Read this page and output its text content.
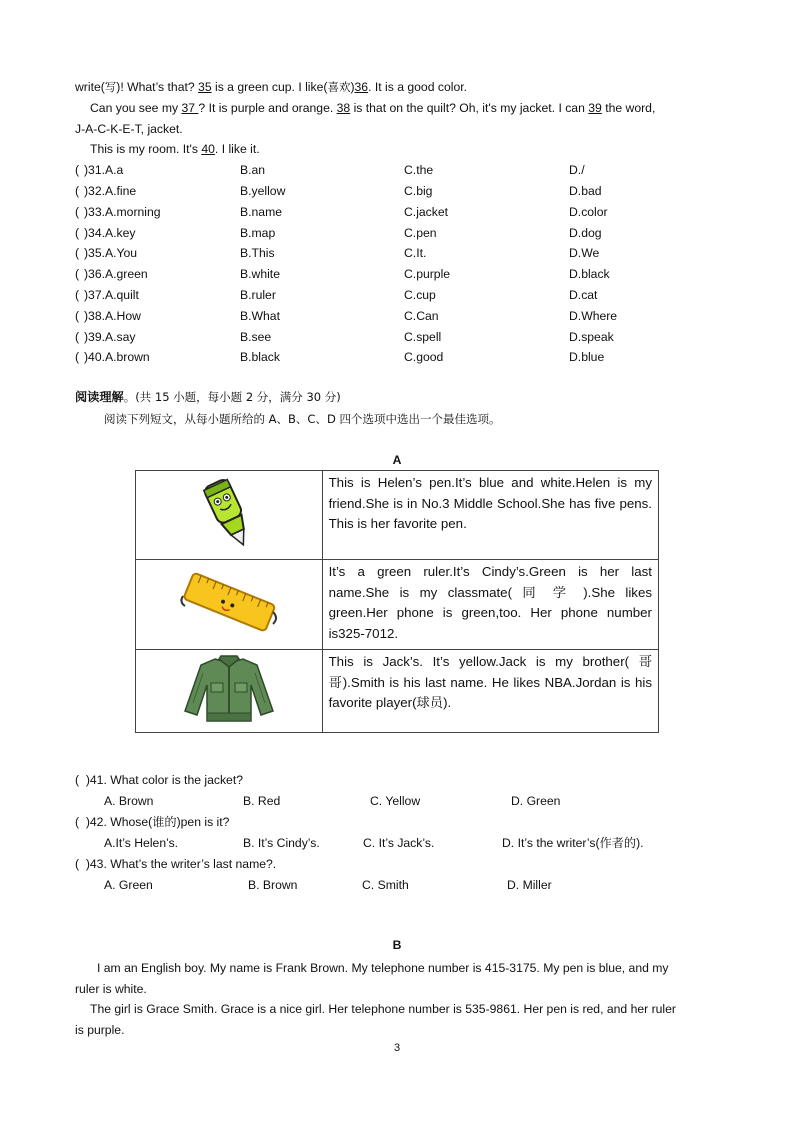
write(写)! What’s that? 35 is a green cup. I like(喜欢)36. It is a good color.
Can you see my 37 ? It is purple and orange. 38 is that on the quilt? Oh, it's my jacket. I can 39 the word,
J-A-C-K-E-T, jacket.
This is my room. It's 40. I like it.
( )31.A.a	B.an	C.the	D./
( )32.A.fine	B.yellow	C.big	D.bad
( )33.A.morning	B.name	C.jacket	D.color
( )34.A.key	B.map	C.pen	D.dog
( )35.A.You	B.This	C.It.	D.We
( )36.A.green	B.white	C.purple	D.black
( )37.A.quilt	B.ruler	C.cup	D.cat
( )38.A.How	B.What	C.Can	D.Where
( )39.A.say	B.see	C.spell	D.speak
( )40.A.brown	B.black	C.good	D.blue
阅读理解。(共 15 小题，每小题 2 分，满分 30 分)
阅读下列短文，从每小题所给的 A、B、C、D 四个选项中选出一个最佳选项。
A
	This is Helen’s pen.It’s blue and white.Helen is my friend.She is in No.3 Middle School.She has five pens. This is her favorite pen.
	It’s a green ruler.It’s Cindy’s.Green is her last name.She is my classmate( 同 学 ).She likes green.Her phone is green,too. Her phone number is325-7012.
	This is Jack’s. It’s yellow.Jack is my brother( 哥 哥).Smith is his last name. He likes NBA.Jordan is his favorite player(球员).
( )41. What color is the jacket?
A. Brown	B. Red	C. Yellow	D. Green
( )42. Whose(谁的)pen is it?
A.It’s Helen’s.	B. It’s Cindy’s.	C. It’s Jack’s.	D. It’s the writer’s(作者的).
( )43. What’s the writer’s last name?.
A. Green	B. Brown	C. Smith	D. Miller
B
I am an English boy. My name is Frank Brown. My telephone number is 415-3175. My pen is blue, and my
ruler is white.
The girl is Grace Smith. Grace is a nice girl. Her telephone number is 535-9861. Her pen is red, and her ruler
is purple.
3
